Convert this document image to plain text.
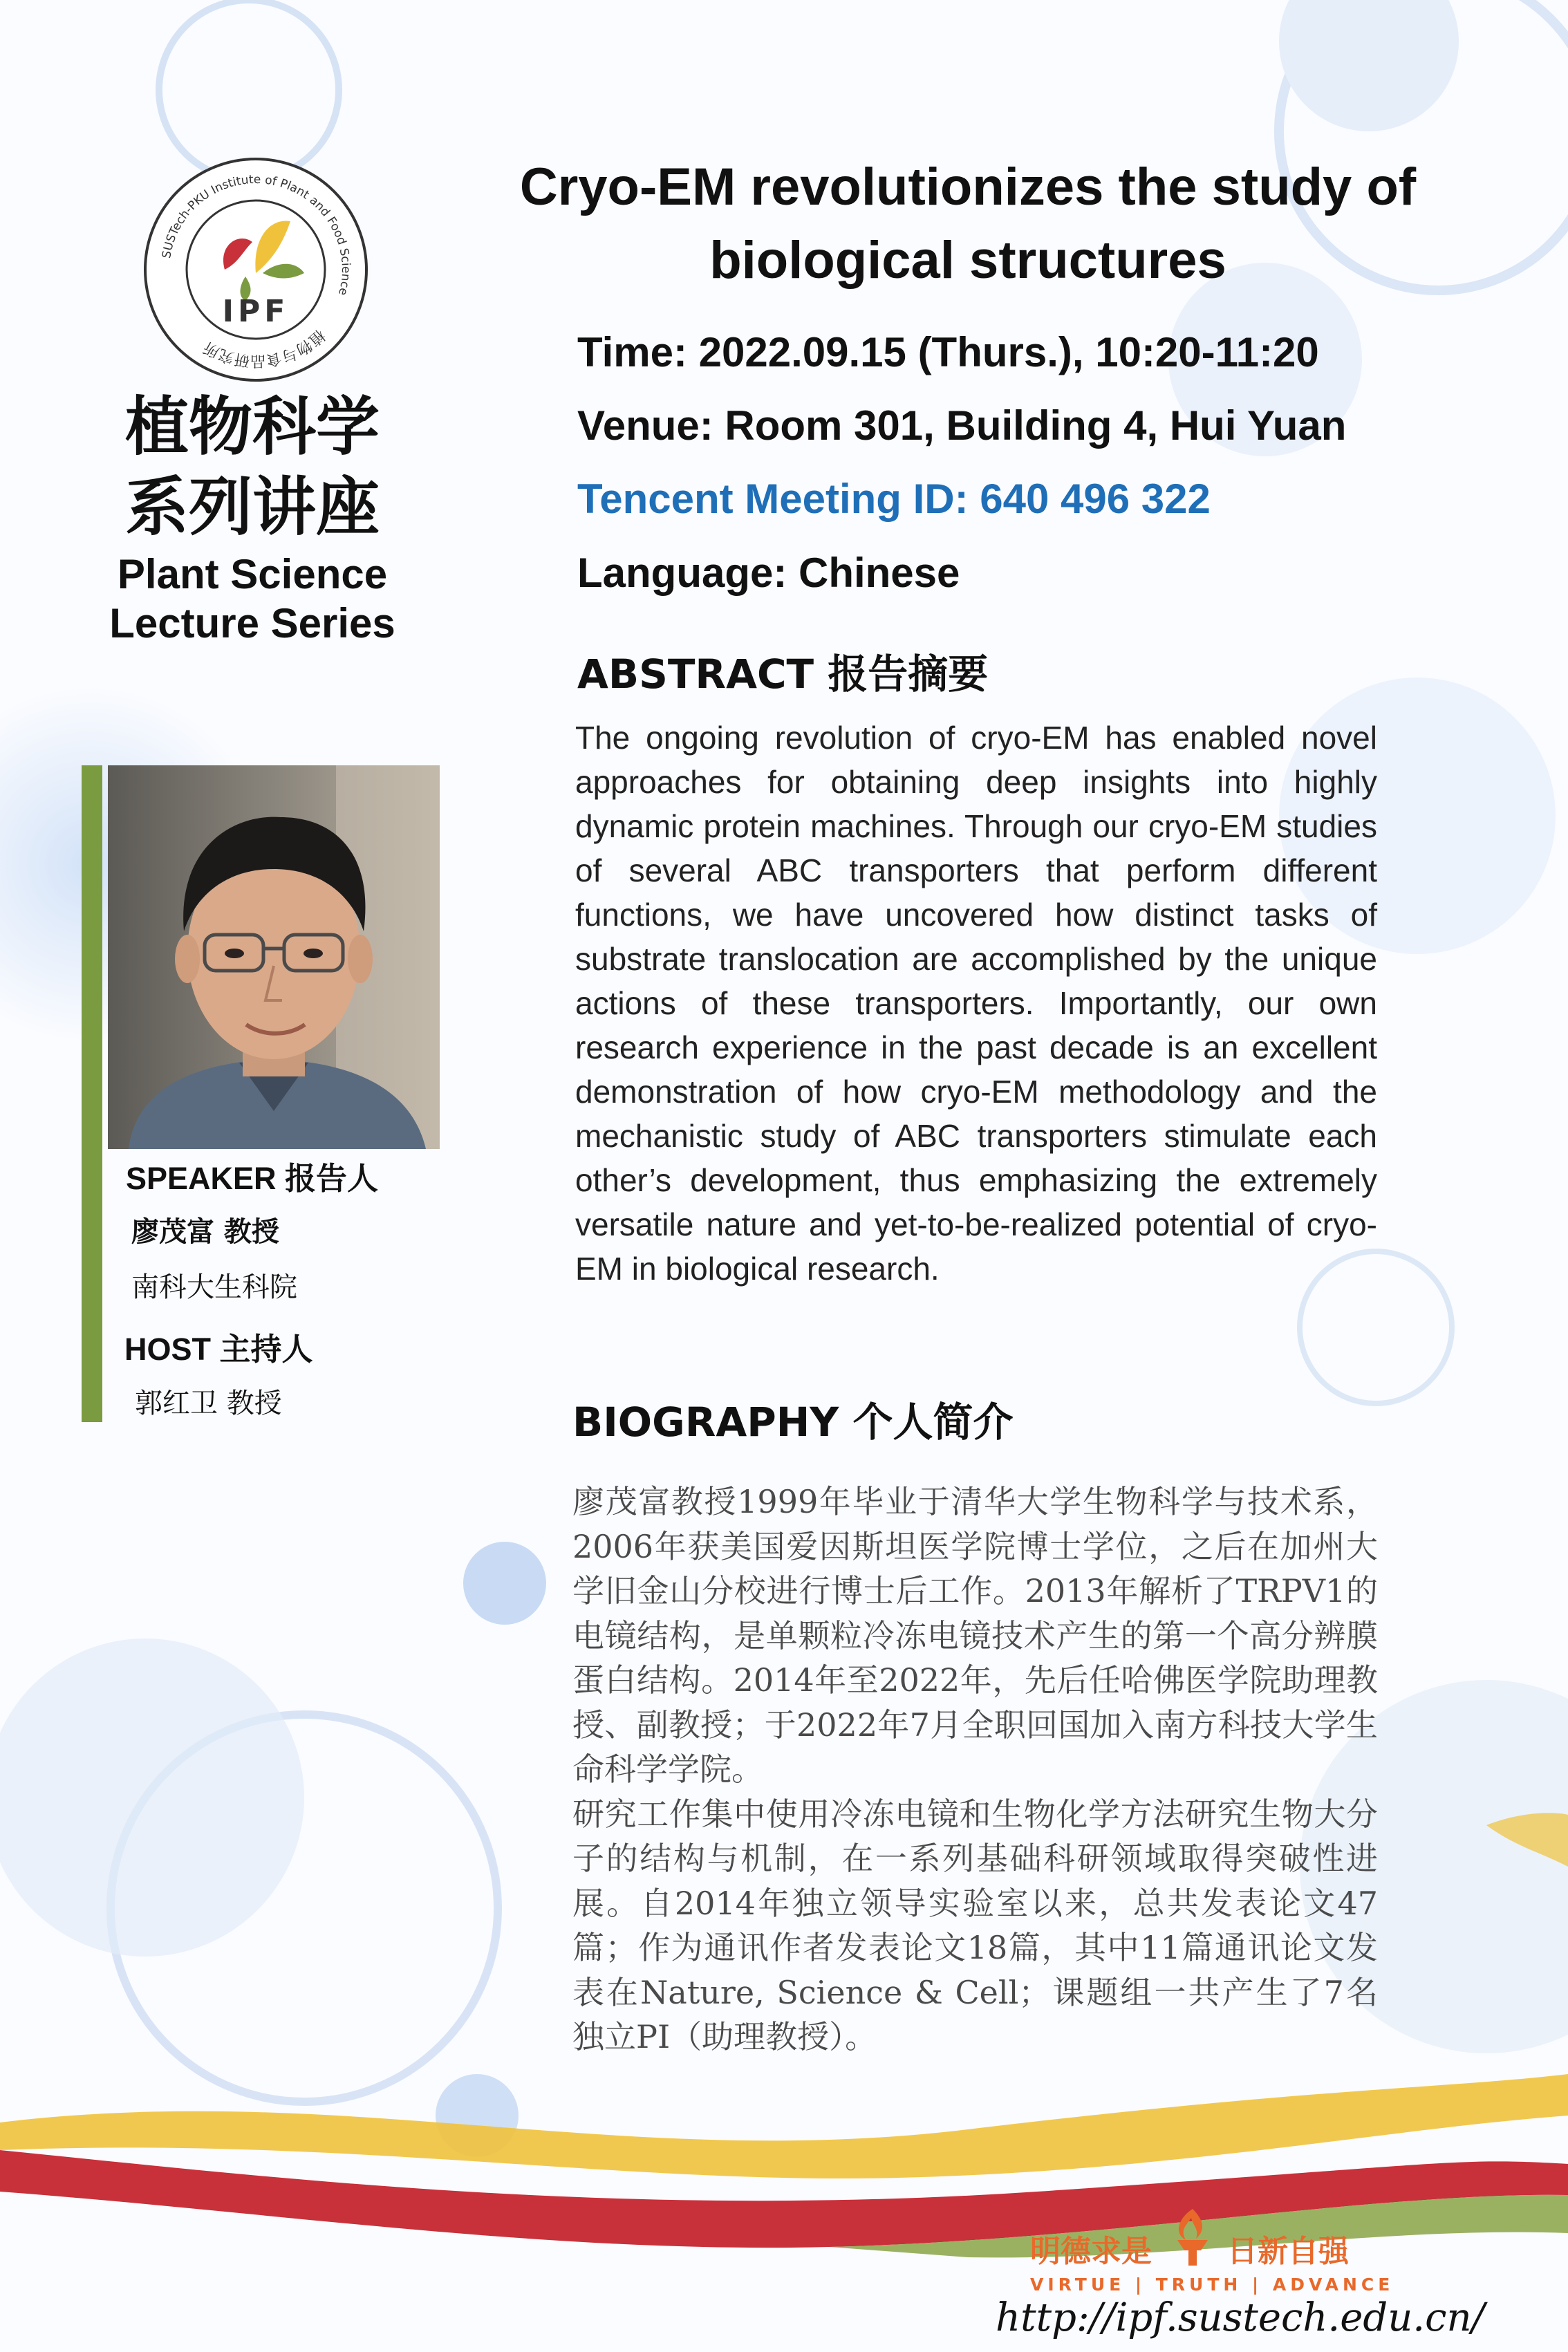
SUSTech-PKU Institute of Plant and Food Science
植物与食品研究所
IPF
植物科学
系列讲座
Plant Science
Lecture Series
SPEAKER 报告人
廖茂富 教授
南科大生科院
HOST 主持人
郭红卫 教授
Cryo-EM revolutionizes the study of
biological structures
Time: 2022.09.15 (Thurs.), 10:20-11:20
Venue: Room 301, Building 4, Hui Yuan
Tencent Meeting ID: 640 496 322
Language: Chinese
ABSTRACT 报告摘要
The ongoing revolution of cryo-EM has enabled novel approaches for obtaining deep insights into highly dynamic protein machines. Through our cryo-EM studies of several ABC transporters that perform different functions, we have uncovered how distinct tasks of substrate translocation are accomplished by the unique actions of these transporters. Importantly, our own research experience in the past decade is an excellent demonstration of how cryo-EM methodology and the mechanistic study of ABC transporters stimulate each other’s development, thus emphasizing the extremely versatile nature and yet-to-be-realized potential of cryo-EM in biological research.
BIOGRAPHY 个人简介

廖茂富教授1999年毕业于清华大学生物科学与技术系，2006年获美国爱因斯坦医学院博士学位，之后在加州大学旧金山分校进行博士后工作。2013年解析了TRPV1的电镜结构，是单颗粒冷冻电镜技术产生的第一个高分辨膜蛋白结构。2014年至2022年，先后任哈佛医学院助理教授、副教授；于2022年7月全职回国加入南方科技大学生命科学学院。

研究工作集中使用冷冻电镜和生物化学方法研究生物大分子的结构与机制，在一系列基础科研领域取得突破性进展。自2014年独立领导实验室以来，总共发表论文47篇；作为通讯作者发表论文18篇，其中11篇通讯论文发表在Nature, Science & Cell；课题组一共产生了7名独立PI（助理教授）。

明德求是 日新自强
VIRTUE | TRUTH | ADVANCE
http://ipf.sustech.edu.cn/
